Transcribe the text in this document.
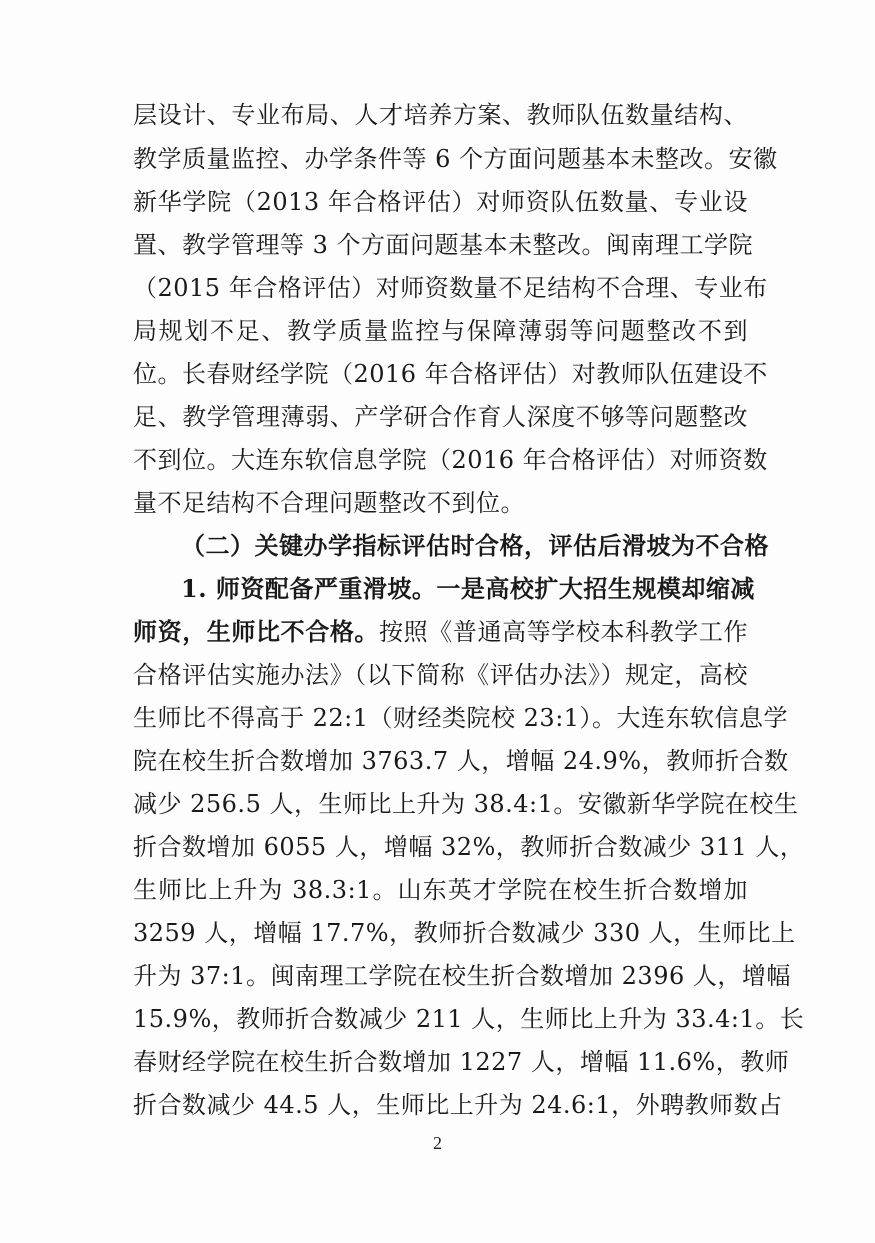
层设计、专业布局、人才培养方案、教师队伍数量结构、
教学质量监控、办学条件等 6 个方面问题基本未整改。安徽
新华学院（2013 年合格评估）对师资队伍数量、专业设
置、教学管理等 3 个方面问题基本未整改。闽南理工学院
（2015 年合格评估）对师资数量不足结构不合理、专业布
局规划不足、教学质量监控与保障薄弱等问题整改不到
位。长春财经学院（2016 年合格评估）对教师队伍建设不
足、教学管理薄弱、产学研合作育人深度不够等问题整改
不到位。大连东软信息学院（2016 年合格评估）对师资数
量不足结构不合理问题整改不到位。
（二）关键办学指标评估时合格，评估后滑坡为不合格
1. 师资配备严重滑坡。一是高校扩大招生规模却缩减
师资，生师比不合格。按照《普通高等学校本科教学工作
合格评估实施办法》（以下简称《评估办法》）规定，高校
生师比不得高于 22:1（财经类院校 23:1）。大连东软信息学
院在校生折合数增加 3763.7 人，增幅 24.9%，教师折合数
减少 256.5 人，生师比上升为 38.4:1。安徽新华学院在校生
折合数增加 6055 人，增幅 32%，教师折合数减少 311 人，
生师比上升为 38.3:1。山东英才学院在校生折合数增加
3259 人，增幅 17.7%，教师折合数减少 330 人，生师比上
升为 37:1。闽南理工学院在校生折合数增加 2396 人，增幅
15.9%，教师折合数减少 211 人，生师比上升为 33.4:1。长
春财经学院在校生折合数增加 1227 人，增幅 11.6%，教师
折合数减少 44.5 人，生师比上升为 24.6:1，外聘教师数占
2
